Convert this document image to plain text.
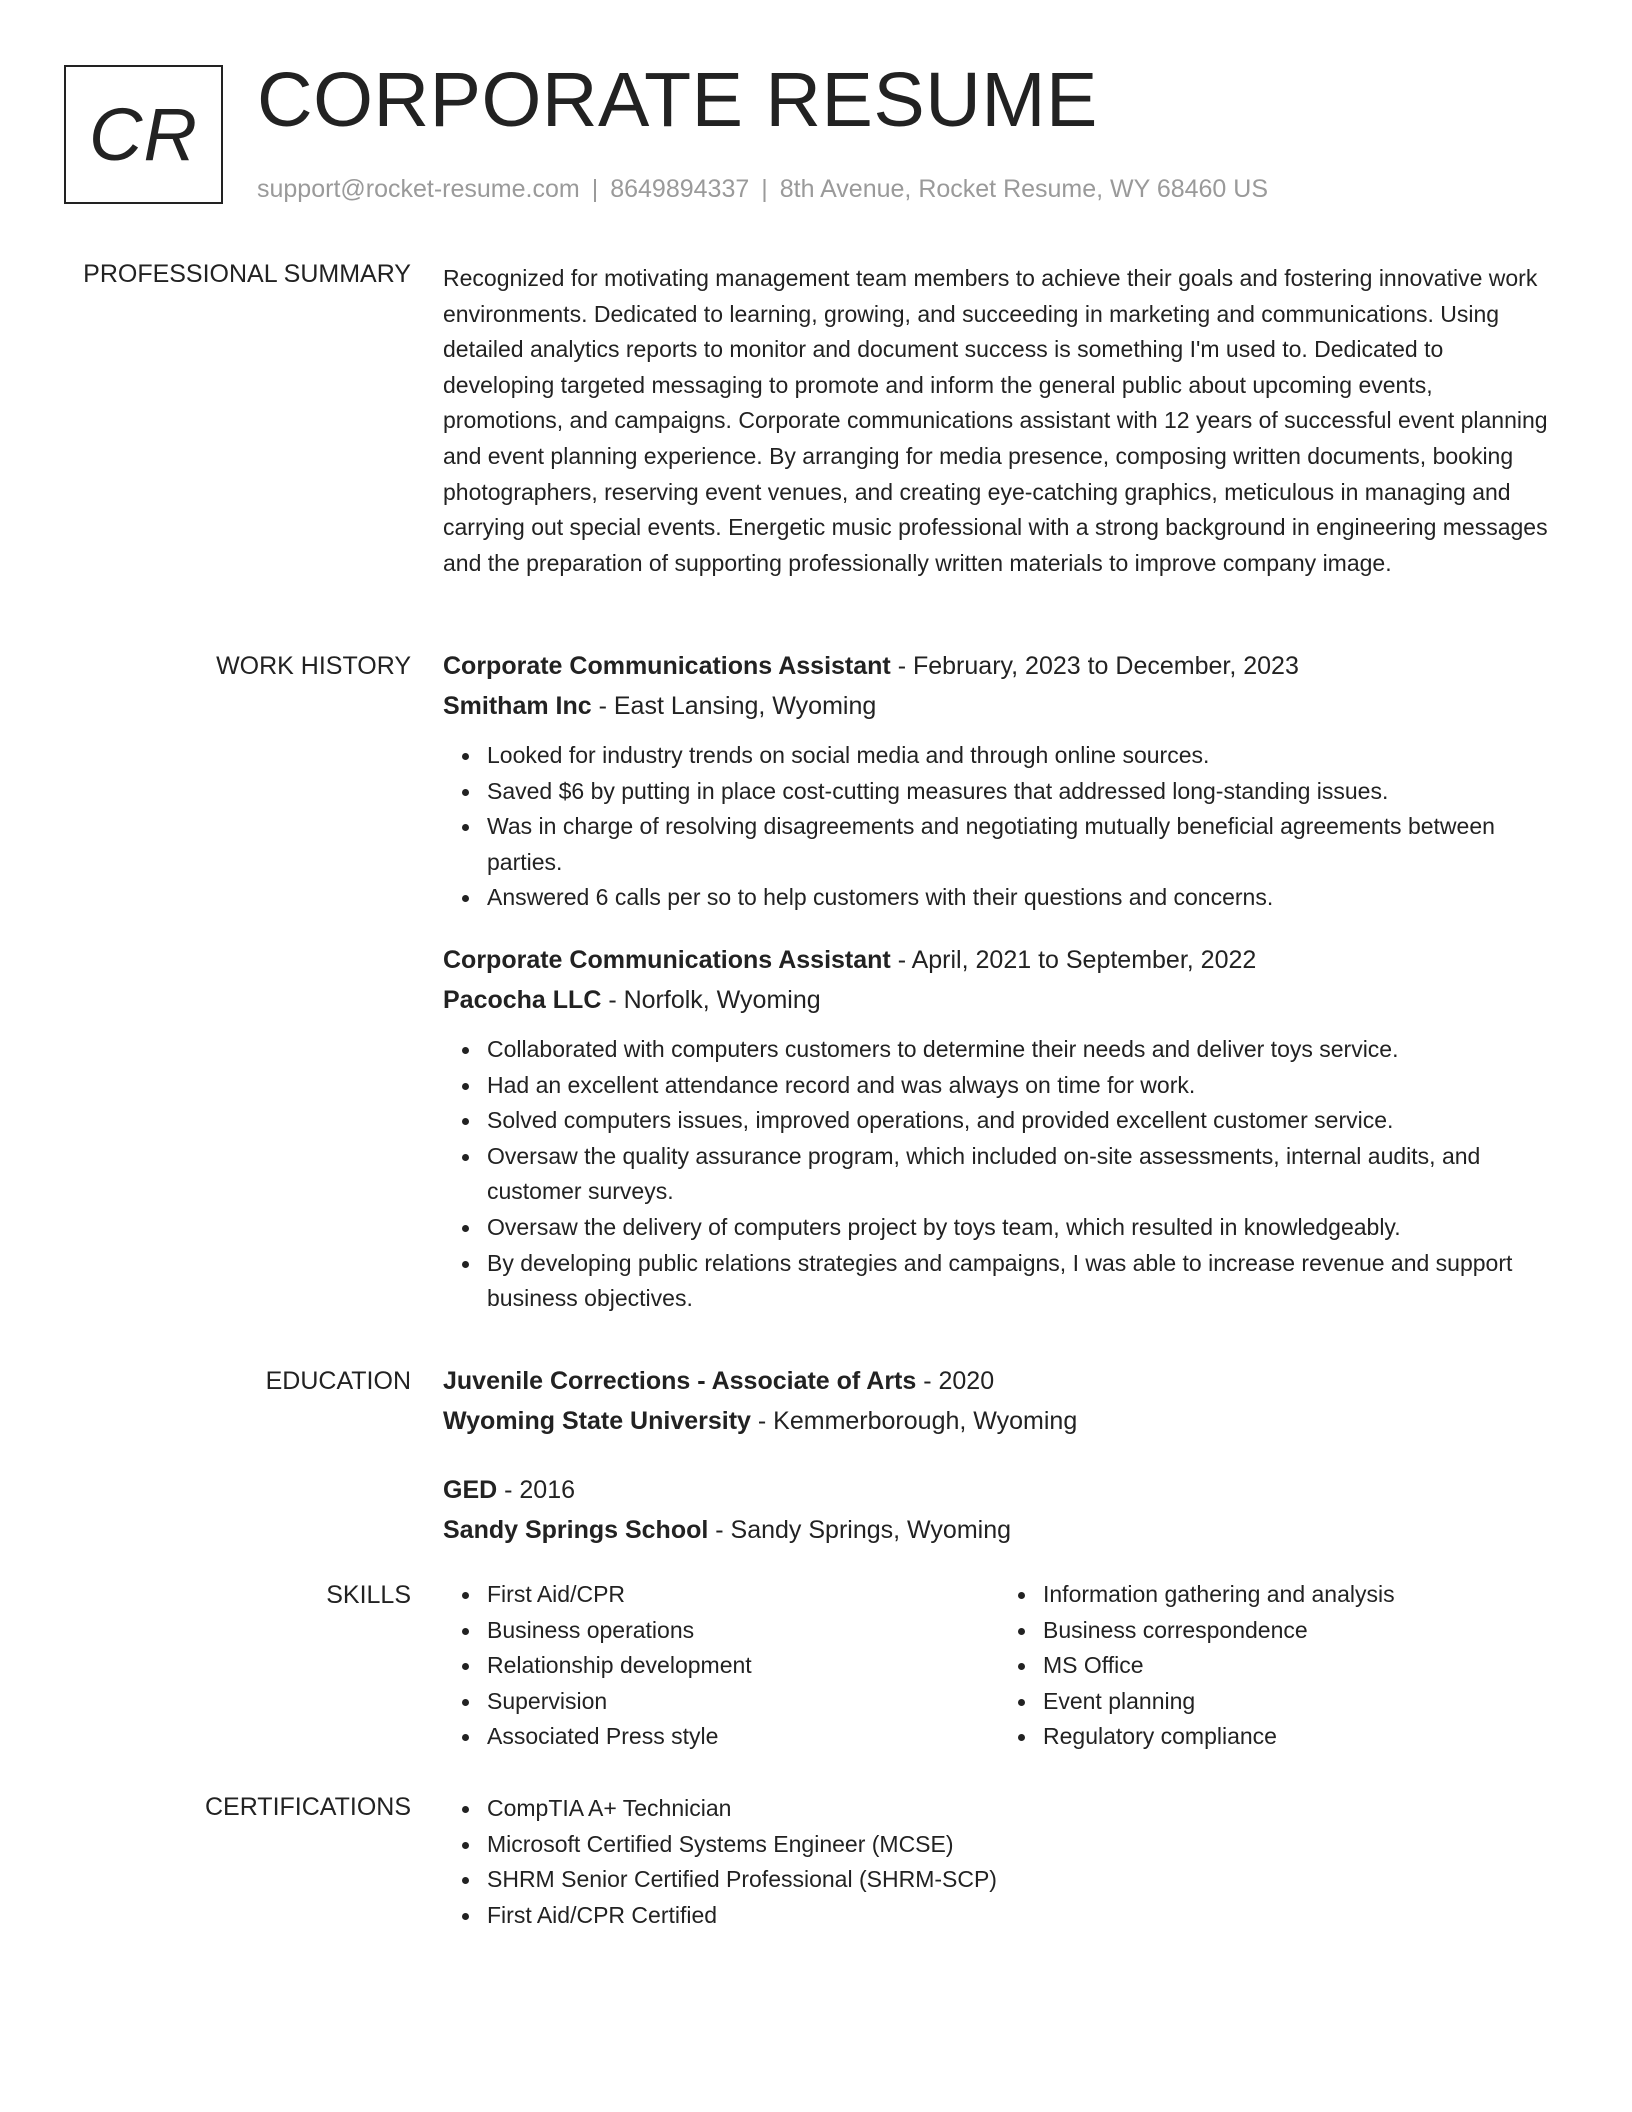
CR CORPORATE RESUME
support@rocket-resume.com | 8649894337 | 8th Avenue, Rocket Resume, WY 68460 US
PROFESSIONAL SUMMARY Recognized for motivating management team members to achieve their goals and fostering innovative work environments. Dedicated to learning, growing, and succeeding in marketing and communications. Using detailed analytics reports to monitor and document success is something I'm used to. Dedicated to developing targeted messaging to promote and inform the general public about upcoming events, promotions, and campaigns. Corporate communications assistant with 12 years of successful event planning and event planning experience. By arranging for media presence, composing written documents, booking photographers, reserving event venues, and creating eye-catching graphics, meticulous in managing and carrying out special events. Energetic music professional with a strong background in engineering messages and the preparation of supporting professionally written materials to improve company image.

WORK HISTORY Corporate Communications Assistant - February, 2023 to December, 2023
Smitham Inc - East Lansing, Wyoming
Looked for industry trends on social media and through online sources.
Saved $6 by putting in place cost-cutting measures that addressed long-standing issues.
Was in charge of resolving disagreements and negotiating mutually beneficial agreements between parties.
Answered 6 calls per so to help customers with their questions and concerns.
Corporate Communications Assistant - April, 2021 to September, 2022
Pacocha LLC - Norfolk, Wyoming
Collaborated with computers customers to determine their needs and deliver toys service.
Had an excellent attendance record and was always on time for work.
Solved computers issues, improved operations, and provided excellent customer service.
Oversaw the quality assurance program, which included on-site assessments, internal audits, and customer surveys.
Oversaw the delivery of computers project by toys team, which resulted in knowledgeably.
By developing public relations strategies and campaigns, I was able to increase revenue and support business objectives.
EDUCATION Juvenile Corrections - Associate of Arts - 2020
Wyoming State University - Kemmerborough, Wyoming
GED - 2016
Sandy Springs School - Sandy Springs, Wyoming
SKILLS	First Aid/CPR
Business operations
Relationship development
Supervision
Associated Press style
Information gathering and analysis
Business correspondence
MS Office
Event planning
Regulatory compliance
CERTIFICATIONS	CompTIA A+ Technician
Microsoft Certified Systems Engineer (MCSE)
SHRM Senior Certified Professional (SHRM-SCP)
First Aid/CPR Certified
